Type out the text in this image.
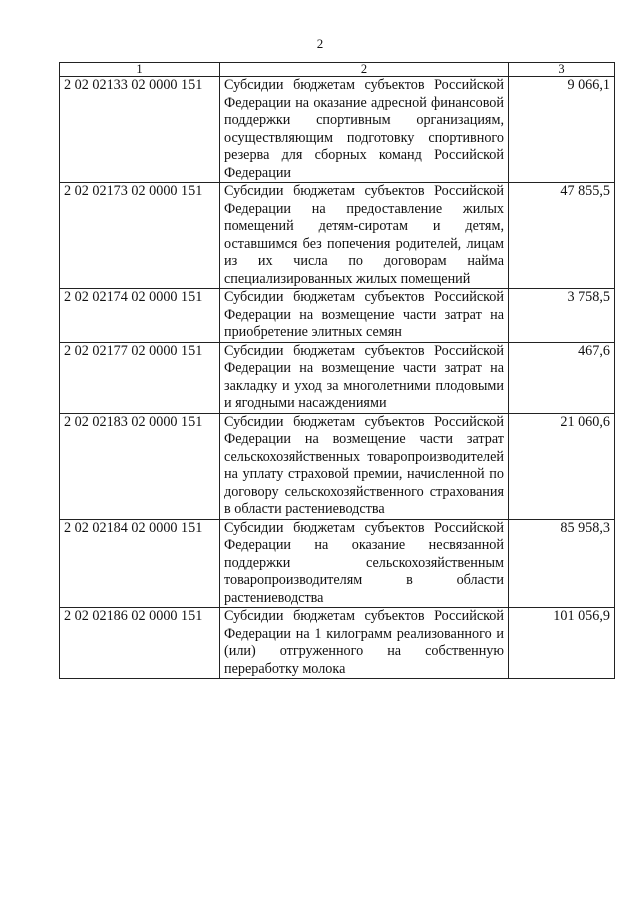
2
1	2	3
2 02 02133 02 0000 151	Субсидии бюджетам субъектов Российской Федерации на оказание адресной финансовой поддержки спортивным организациям, осуществляющим подготовку спортивного резерва для сборных команд Российской Федерации	9 066,1
2 02 02173 02 0000 151	Субсидии бюджетам субъектов Российской Федерации на предоставление жилых помещений детям-сиротам и детям, оставшимся без попечения родителей, лицам из их числа по договорам найма специализированных жилых помещений	47 855,5
2 02 02174 02 0000 151	Субсидии бюджетам субъектов Российской Федерации на возмещение части затрат на приобретение элитных семян	3 758,5
2 02 02177 02 0000 151	Субсидии бюджетам субъектов Российской Федерации на возмещение части затрат на закладку и уход за многолетними плодовыми и ягодными насаждениями	467,6
2 02 02183 02 0000 151	Субсидии бюджетам субъектов Российской Федерации на возмещение части затрат сельскохозяйственных товаропроизводителей на уплату страховой премии, начисленной по договору сельскохозяйственного страхования в области растениеводства	21 060,6
2 02 02184 02 0000 151	Субсидии бюджетам субъектов Российской Федерации на оказание несвязанной поддержки сельскохозяйственным товаропроизводителям в области растениеводства	85 958,3
2 02 02186 02 0000 151	Субсидии бюджетам субъектов Российской Федерации на 1 килограмм реализованного и (или) отгруженного на собственную переработку молока	101 056,9
